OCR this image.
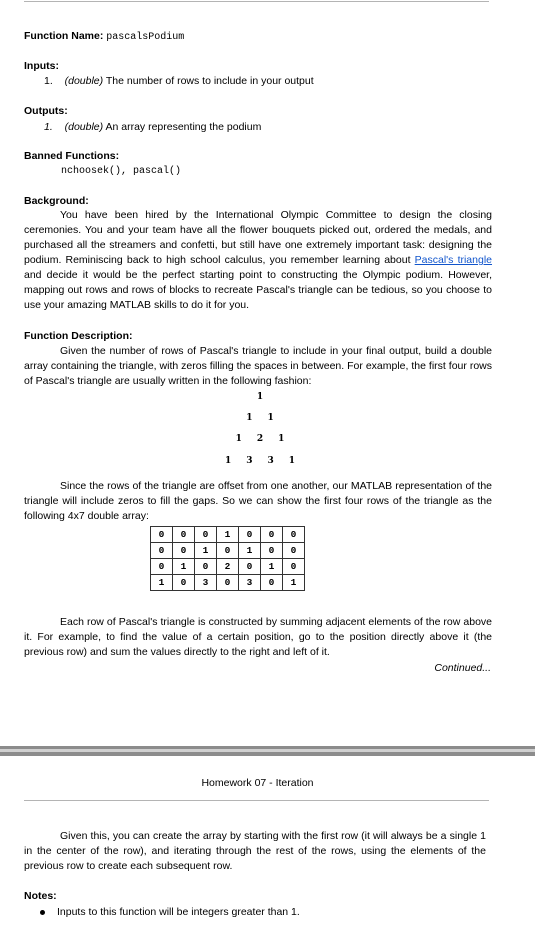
Function Name: pascalsPodium
Inputs:
1. (double) The number of rows to include in your output
Outputs:
1. (double) An array representing the podium
Banned Functions:
nchoosek(), pascal()
Background:
You have been hired by the International Olympic Committee to design the closing ceremonies. You and your team have all the flower bouquets picked out, ordered the medals, and purchased all the streamers and confetti, but still have one extremely important task: designing the podium. Reminiscing back to high school calculus, you remember learning about Pascal's triangle and decide it would be the perfect starting point to constructing the Olympic podium. However, mapping out rows and rows of blocks to recreate Pascal's triangle can be tedious, so you choose to use your amazing MATLAB skills to do it for you.
Function Description:
Given the number of rows of Pascal's triangle to include in your final output, build a double array containing the triangle, with zeros filling the spaces in between. For example, the first four rows of Pascal's triangle are usually written in the following fashion:
1
1 1
1 2 1
1 3 3 1
Since the rows of the triangle are offset from one another, our MATLAB representation of the triangle will include zeros to fill the gaps. So we can show the first four rows of the triangle as the following 4x7 double array:
0	0	0	1	0	0	0
0	0	1	0	1	0	0
0	1	0	2	0	1	0
1	0	3	0	3	0	1
Each row of Pascal's triangle is constructed by summing adjacent elements of the row above it. For example, to find the value of a certain position, go to the position directly above it (the previous row) and sum the values directly to the right and left of it.
Continued...
Homework 07 - Iteration
Given this, you can create the array by starting with the first row (it will always be a single 1 in the center of the row), and iterating through the rest of the rows, using the elements of the previous row to create each subsequent row.
Notes:
Inputs to this function will be integers greater than 1.
